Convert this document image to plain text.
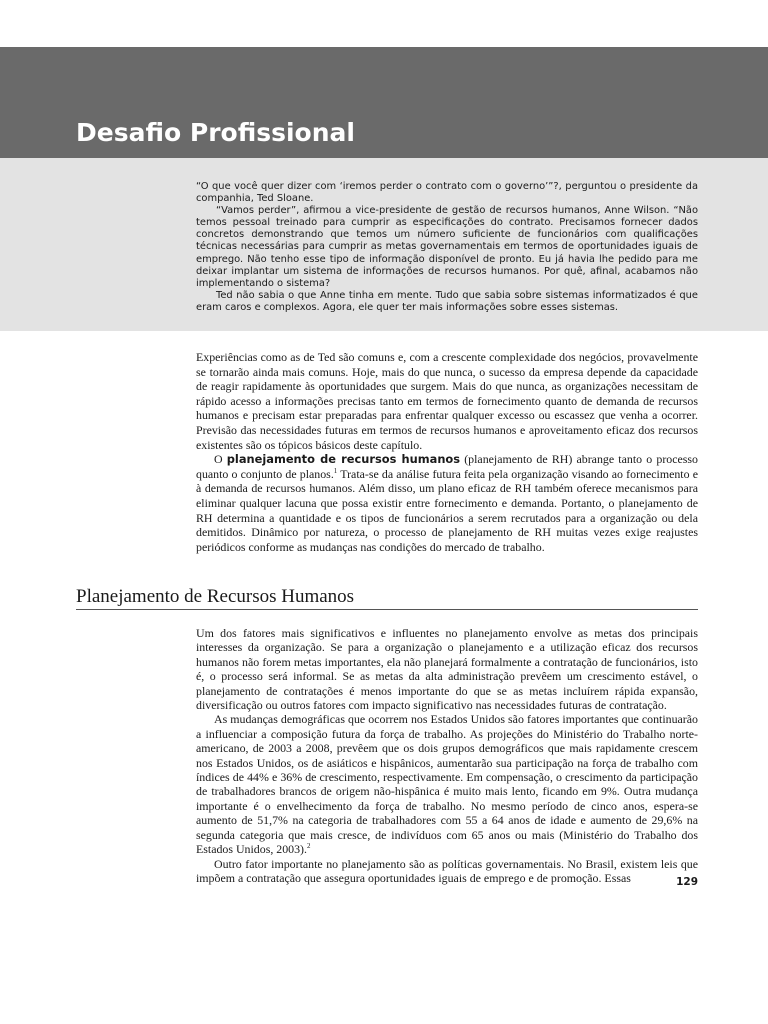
Desafio Profissional

“O que você quer dizer com ‘iremos perder o contrato com o governo’”?, perguntou o presidente da companhia, Ted Sloane.

“Vamos perder”, afirmou a vice-presidente de gestão de recursos humanos, Anne Wilson. “Não temos pessoal treinado para cumprir as especificações do contrato. Precisamos fornecer dados concretos demonstrando que temos um número suficiente de funcionários com qualificações técnicas necessárias para cumprir as metas governamentais em termos de oportunidades iguais de emprego. Não tenho esse tipo de informação disponível de pronto. Eu já havia lhe pedido para me deixar implantar um sistema de informações de recursos humanos. Por quê, afinal, acabamos não implementando o sistema?

Ted não sabia o que Anne tinha em mente. Tudo que sabia sobre sistemas informatizados é que eram caros e complexos. Agora, ele quer ter mais informações sobre esses sistemas.

Experiências como as de Ted são comuns e, com a crescente complexidade dos negócios, provavelmente se tornarão ainda mais comuns. Hoje, mais do que nunca, o sucesso da empresa depende da capacidade de reagir rapidamente às oportunidades que surgem. Mais do que nunca, as organizações necessitam de rápido acesso a informações precisas tanto em termos de fornecimento quanto de demanda de recursos humanos e precisam estar preparadas para enfrentar qualquer excesso ou escassez que venha a ocorrer. Previsão das necessidades futuras em termos de recursos humanos e aproveitamento eficaz dos recursos existentes são os tópicos básicos deste capítulo.

O planejamento de recursos humanos (planejamento de RH) abrange tanto o processo quanto o conjunto de planos.$^1$ Trata-se da análise futura feita pela organização visando ao fornecimento e à demanda de recursos humanos. Além disso, um plano eficaz de RH também oferece mecanismos para eliminar qualquer lacuna que possa existir entre fornecimento e demanda. Portanto, o planejamento de RH determina a quantidade e os tipos de funcionários a serem recrutados para a organização ou dela demitidos. Dinâmico por natureza, o processo de planejamento de RH muitas vezes exige reajustes periódicos conforme as mudanças nas condições do mercado de trabalho.

Planejamento de Recursos Humanos

Um dos fatores mais significativos e influentes no planejamento envolve as metas dos principais interesses da organização. Se para a organização o planejamento e a utilização eficaz dos recursos humanos não forem metas importantes, ela não planejará formalmente a contratação de funcionários, isto é, o processo será informal. Se as metas da alta administração prevêem um crescimento estável, o planejamento de contratações é menos importante do que se as metas incluírem rápida expansão, diversificação ou outros fatores com impacto significativo nas necessidades futuras de contratação.

As mudanças demográficas que ocorrem nos Estados Unidos são fatores importantes que continuarão a influenciar a composição futura da força de trabalho. As projeções do Ministério do Trabalho norte-americano, de 2003 a 2008, prevêem que os dois grupos demográficos que mais rapidamente crescem nos Estados Unidos, os de asiáticos e hispânicos, aumentarão sua participação na força de trabalho com índices de 44% e 36% de crescimento, respectivamente. Em compensação, o crescimento da participação de trabalhadores brancos de origem não-hispânica é muito mais lento, ficando em 9%. Outra mudança importante é o envelhecimento da força de trabalho. No mesmo período de cinco anos, espera-se aumento de 51,7% na categoria de trabalhadores com 55 a 64 anos de idade e aumento de 29,6% na segunda categoria que mais cresce, de indivíduos com 65 anos ou mais (Ministério do Trabalho dos Estados Unidos, 2003).$^2$

Outro fator importante no planejamento são as políticas governamentais. No Brasil, existem leis que impõem a contratação que assegura oportunidades iguais de emprego e de promoção. Essas	129
